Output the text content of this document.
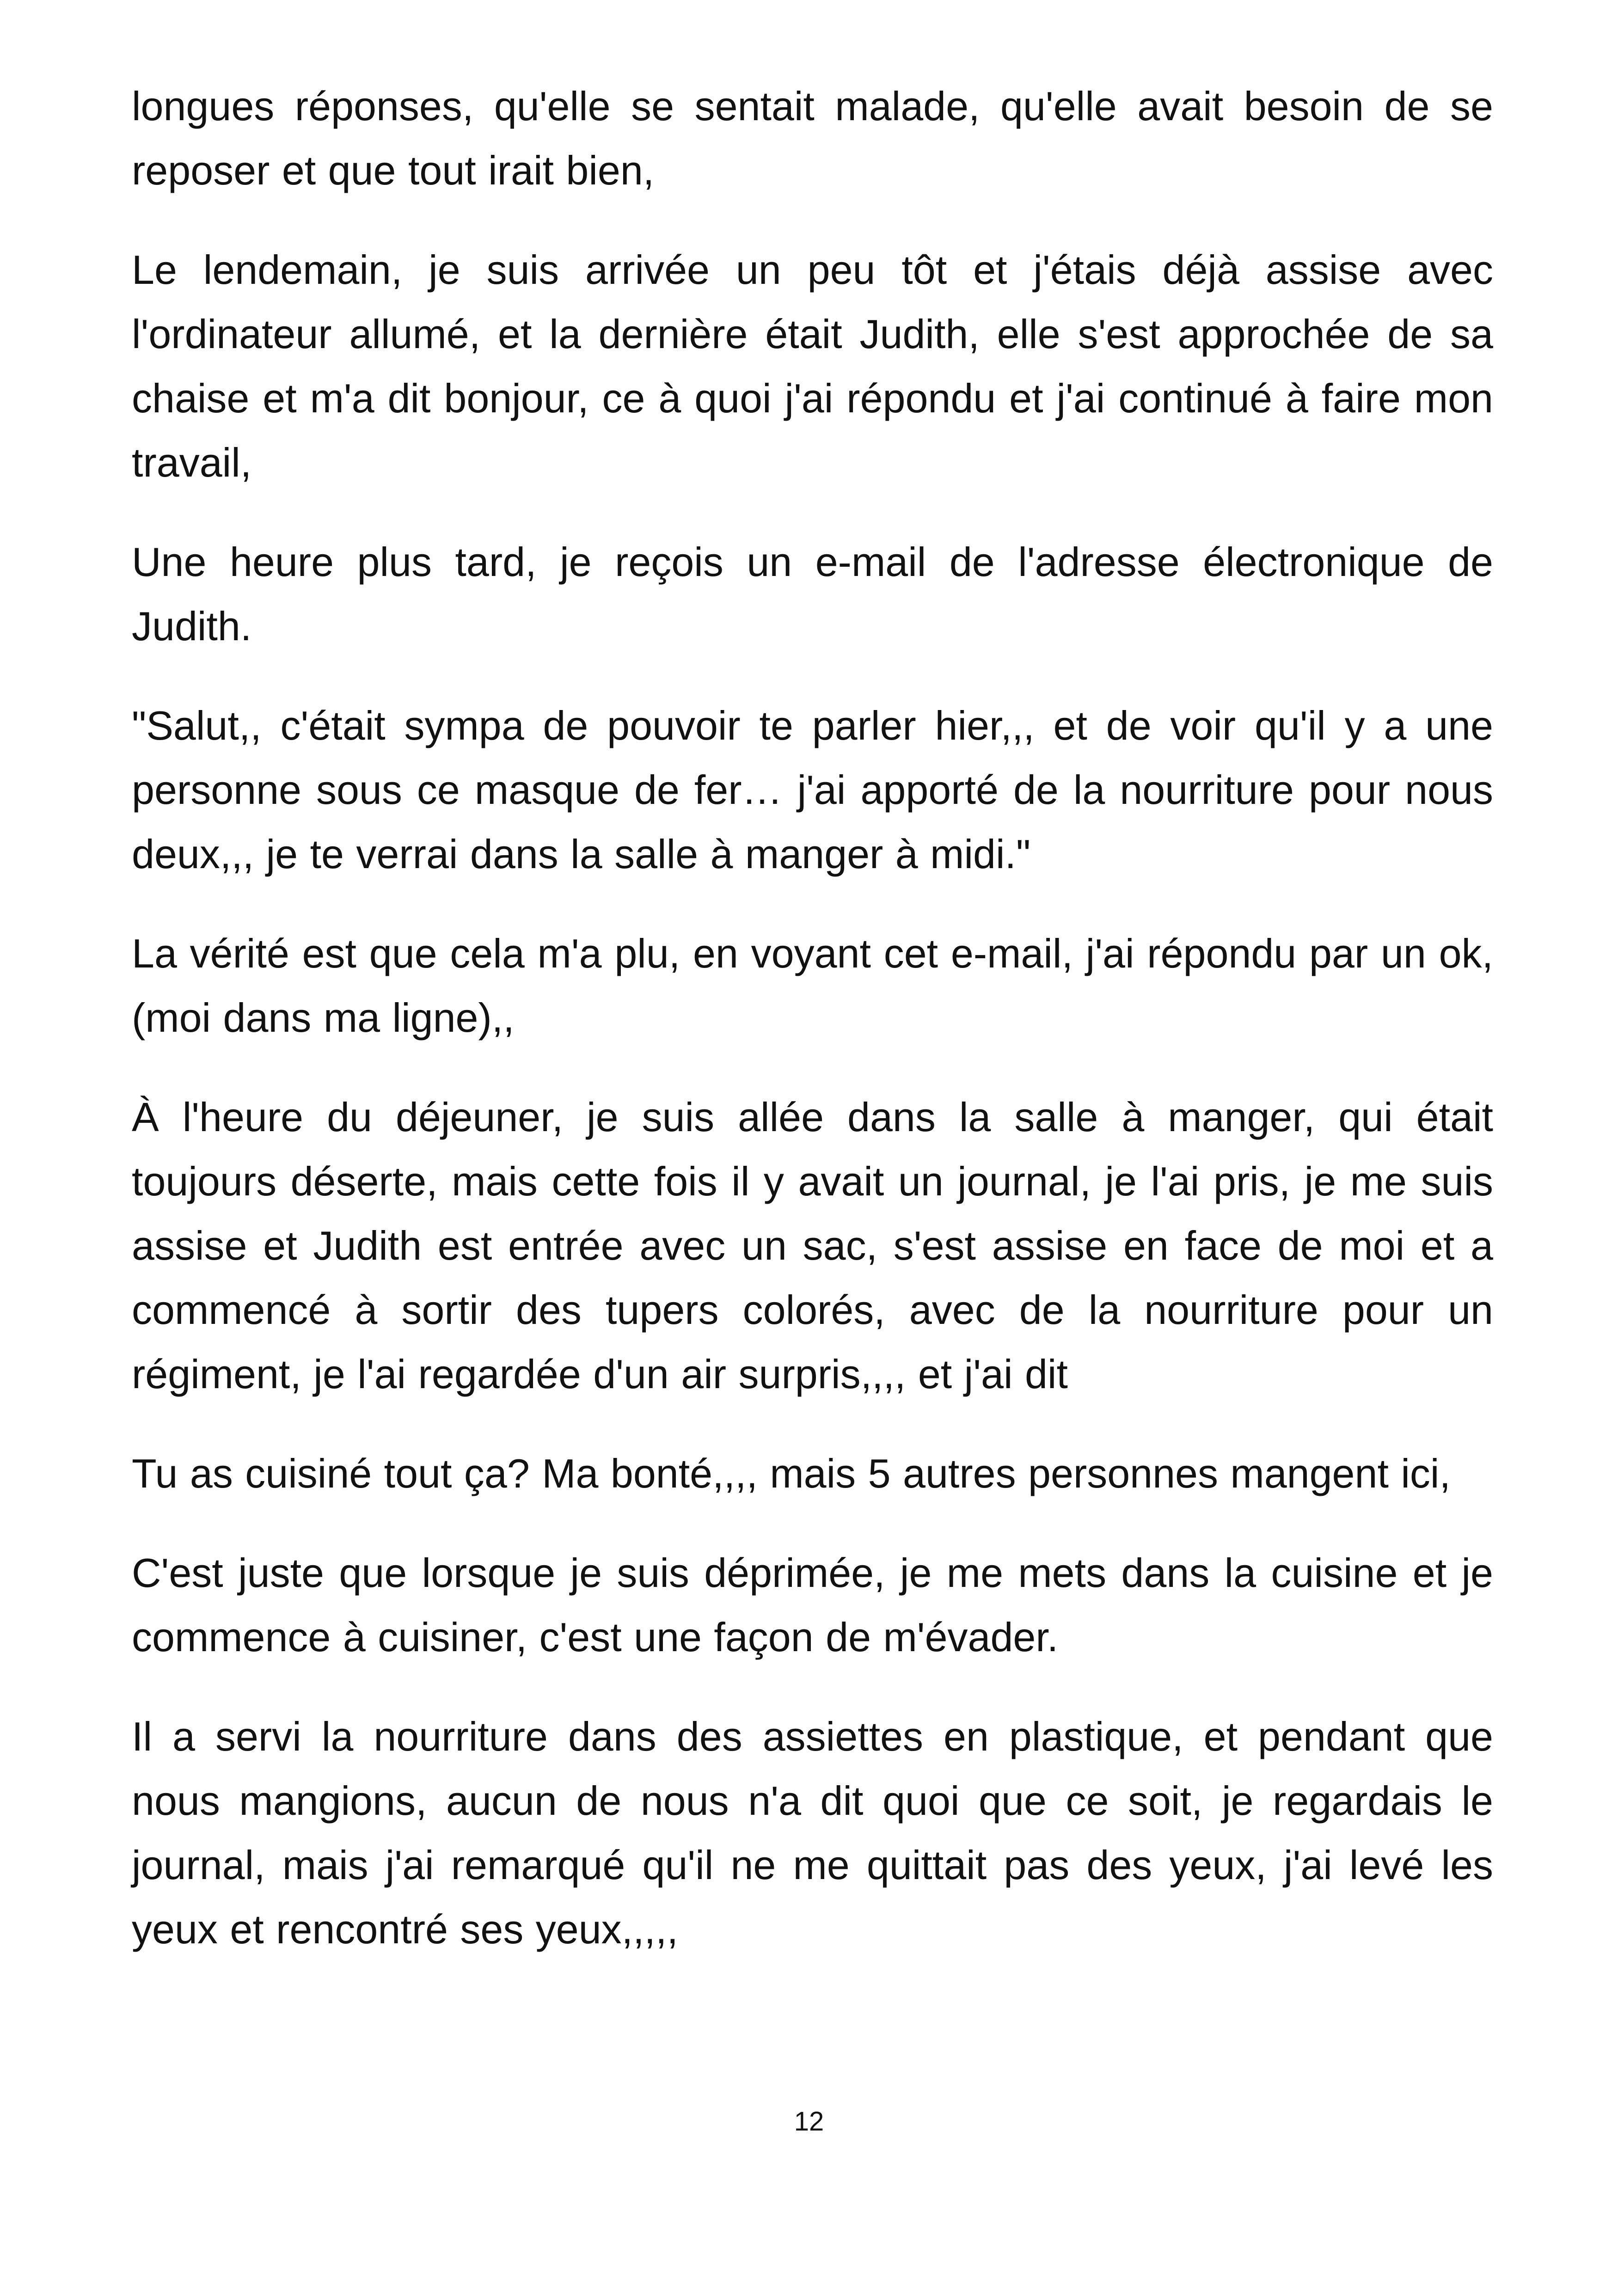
longues réponses, qu'elle se sentait malade, qu'elle avait besoin de se reposer et que tout irait bien,

Le lendemain, je suis arrivée un peu tôt et j'étais déjà assise avec l'ordinateur allumé, et la dernière était Judith, elle s'est approchée de sa chaise et m'a dit bonjour, ce à quoi j'ai répondu et j'ai continué à faire mon travail,

Une heure plus tard, je reçois un e-mail de l'adresse électronique de Judith.

"Salut,, c'était sympa de pouvoir te parler hier,,, et de voir qu'il y a une personne sous ce masque de fer… j'ai apporté de la nourriture pour nous deux,,, je te verrai dans la salle à manger à midi."

La vérité est que cela m'a plu, en voyant cet e-mail, j'ai répondu par un ok, (moi dans ma ligne),,

À l'heure du déjeuner, je suis allée dans la salle à manger, qui était toujours déserte, mais cette fois il y avait un journal, je l'ai pris, je me suis assise et Judith est entrée avec un sac, s'est assise en face de moi et a commencé à sortir des tupers colorés, avec de la nourriture pour un régiment, je l'ai regardée d'un air surpris,,,, et j'ai dit

Tu as cuisiné tout ça? Ma bonté,,,, mais 5 autres personnes mangent ici,

C'est juste que lorsque je suis déprimée, je me mets dans la cuisine et je commence à cuisiner, c'est une façon de m'évader.

Il a servi la nourriture dans des assiettes en plastique, et pendant que nous mangions, aucun de nous n'a dit quoi que ce soit, je regardais le journal, mais j'ai remarqué qu'il ne me quittait pas des yeux, j'ai levé les yeux et rencontré ses yeux,,,,,

12
